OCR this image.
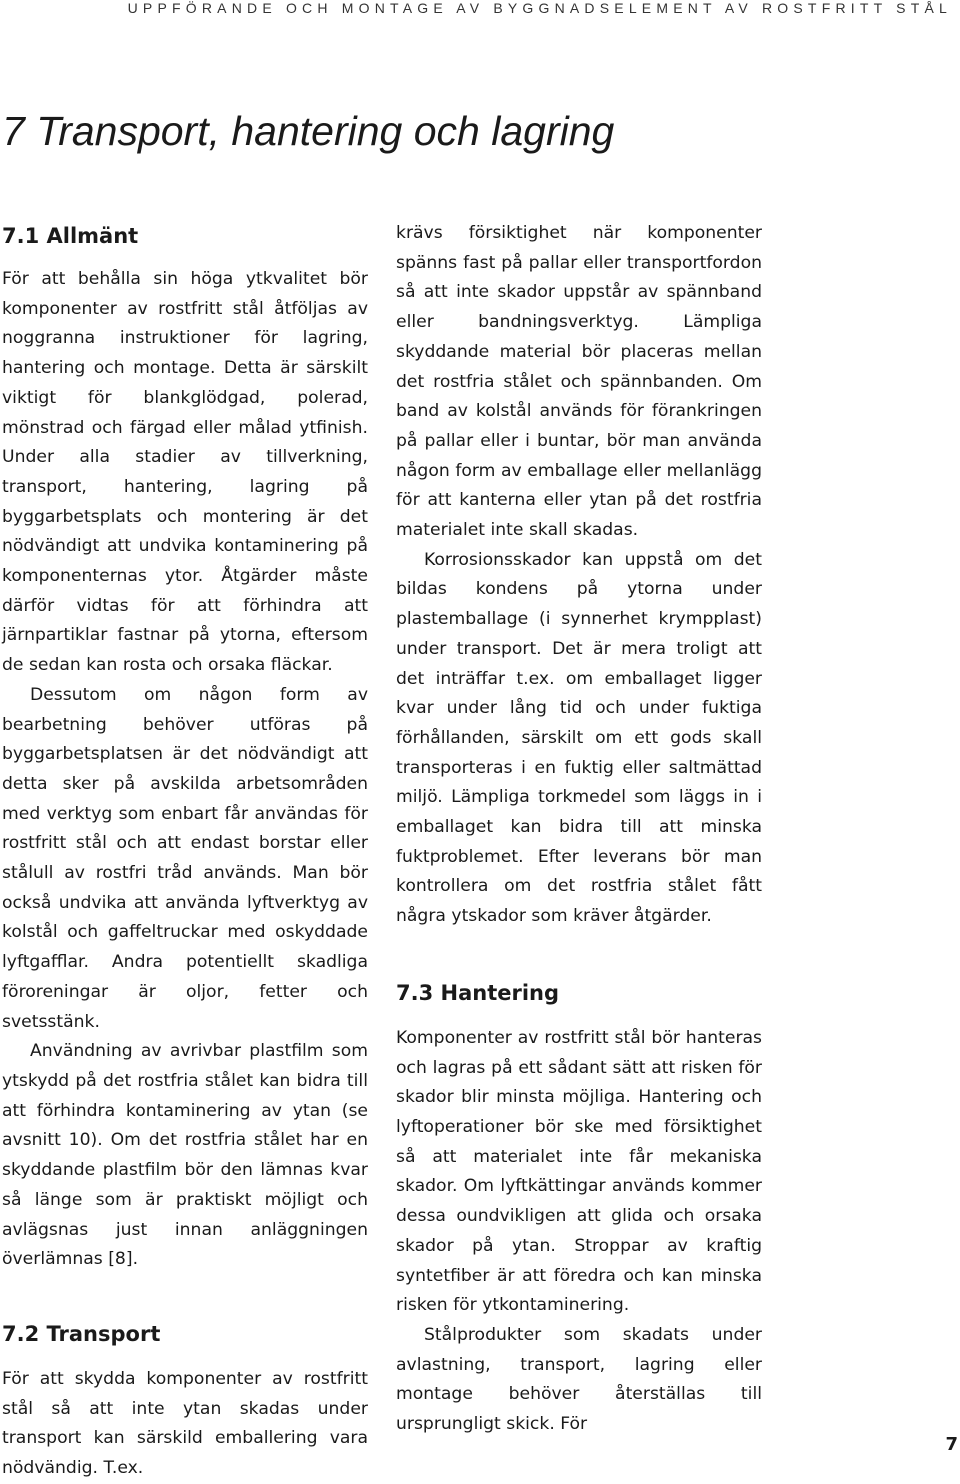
UPPFÖRANDE OCH MONTAGE AV BYGGNADSELEMENT AV ROSTFRITT STÅL
7 Transport, hantering och lagring
7.1 Allmänt

För att behålla sin höga ytkvalitet bör komponenter av rostfritt stål åtföljas av noggranna instruktioner för lagring, hantering och montage. Detta är särskilt viktigt för blankglödgad, polerad, mönstrad och färgad eller målad ytfinish. Under alla stadier av tillverkning, transport, hantering, lagring på byggarbetsplats och montering är det nödvändigt att undvika kontaminering på komponenternas ytor. Åtgärder måste därför vidtas för att förhindra att järnpartiklar fastnar på ytorna, eftersom de sedan kan rosta och orsaka fläckar.

Dessutom om någon form av bearbetning behöver utföras på byggarbetsplatsen är det nödvändigt att detta sker på avskilda arbetsområden med verktyg som enbart får användas för rostfritt stål och att endast borstar eller stålull av rostfri tråd används. Man bör också undvika att använda lyftverktyg av kolstål och gaffeltruckar med oskyddade lyftgafflar. Andra potentiellt skadliga föroreningar är oljor, fetter och svetsstänk.

Användning av avrivbar plastfilm som ytskydd på det rostfria stålet kan bidra till att förhindra kontaminering av ytan (se avsnitt 10). Om det rostfria stålet har en skyddande plastfilm bör den lämnas kvar så länge som är praktiskt möjligt och avlägsnas just innan anläggningen överlämnas [8].

7.2 Transport

För att skydda komponenter av rostfritt stål så att inte ytan skadas under transport kan särskild emballering vara nödvändig. T.ex.

krävs försiktighet när komponenter spänns fast på pallar eller transportfordon så att inte skador uppstår av spännband eller bandningsverktyg. Lämpliga skyddande material bör placeras mellan det rostfria stålet och spännbanden. Om band av kolstål används för förankringen på pallar eller i buntar, bör man använda någon form av emballage eller mellanlägg för att kanterna eller ytan på det rostfria materialet inte skall skadas.

Korrosionsskador kan uppstå om det bildas kondens på ytorna under plastemballage (i synnerhet krympplast) under transport. Det är mera troligt att det inträffar t.ex. om emballaget ligger kvar under lång tid och under fuktiga förhållanden, särskilt om ett gods skall transporteras i en fuktig eller saltmättad miljö. Lämpliga torkmedel som läggs in i emballaget kan bidra till att minska fuktproblemet. Efter leverans bör man kontrollera om det rostfria stålet fått några ytskador som kräver åtgärder.

7.3 Hantering

Komponenter av rostfritt stål bör hanteras och lagras på ett sådant sätt att risken för skador blir minsta möjliga. Hantering och lyftoperationer bör ske med försiktighet så att materialet inte får mekaniska skador. Om lyftkättingar används kommer dessa oundvikligen att glida och orsaka skador på ytan. Stroppar av kraftig syntetfiber är att föredra och kan minska risken för ytkontaminering.

Stålprodukter som skadats under avlastning, transport, lagring eller montage behöver återställas till ursprungligt skick. För

7
